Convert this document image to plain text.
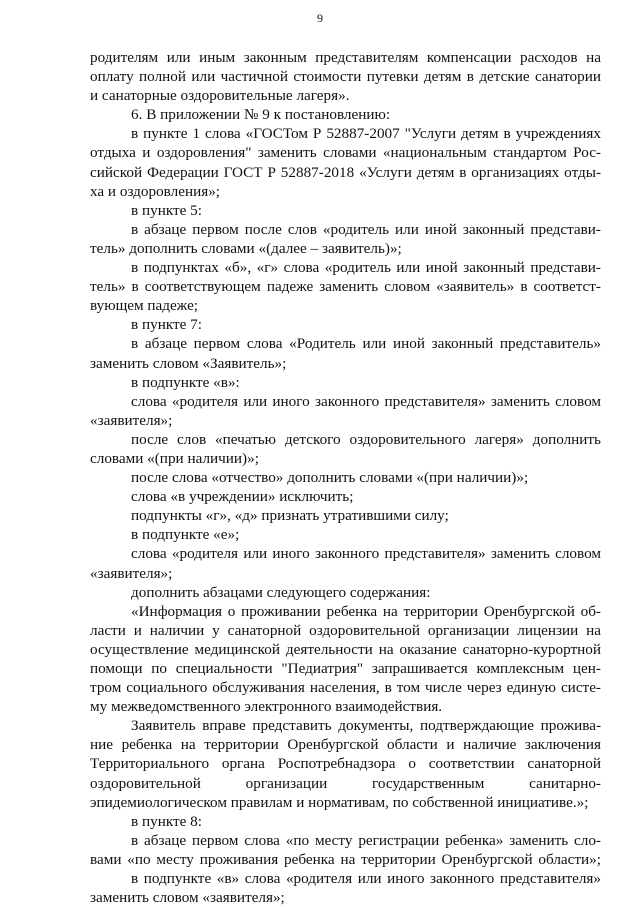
9
родителям или иным законным представителям компенсации расходов на
оплату полной или частичной стоимости путевки детям в детские санатории
и санаторные оздоровительные лагеря».
6. В приложении № 9 к постановлению:
в пункте 1 слова «ГОСТом Р 52887-2007 "Услуги детям в учреждениях
отдыха и оздоровления" заменить словами «национальным стандартом Рос-
сийской Федерации ГОСТ Р 52887-2018 «Услуги детям в организациях отды-
ха и оздоровления»;
в пункте 5:
в абзаце первом после слов «родитель или иной законный представи-
тель» дополнить словами «(далее – заявитель)»;
в подпунктах «б», «г» слова «родитель или иной законный представи-
тель» в соответствующем падеже заменить словом «заявитель» в соответст-
вующем падеже;
в пункте 7:
в абзаце первом слова «Родитель или иной законный представитель»
заменить словом «Заявитель»;
в подпункте «в»:
слова «родителя или иного законного представителя» заменить словом
«заявителя»;
после слов «печатью детского оздоровительного лагеря» дополнить
словами «(при наличии)»;
после слова «отчество» дополнить словами «(при наличии)»;
слова «в учреждении» исключить;
подпункты «г», «д» признать утратившими силу;
в подпункте «е»;
слова «родителя или иного законного представителя» заменить словом
«заявителя»;
дополнить абзацами следующего содержания:
«Информация о проживании ребенка на территории Оренбургской об-
ласти и наличии у санаторной оздоровительной организации лицензии на
осуществление медицинской деятельности на оказание санаторно-курортной
помощи по специальности "Педиатрия" запрашивается комплексным цен-
тром социального обслуживания населения, в том числе через единую систе-
му межведомственного электронного взаимодействия.
Заявитель вправе представить документы, подтверждающие прожива-
ние ребенка на территории Оренбургской области и наличие заключения
Территориального органа Роспотребнадзора о соответствии санаторной
оздоровительной организации государственным санитарно-
эпидемиологическом правилам и нормативам, по собственной инициативе.»;
в пункте 8:
в абзаце первом слова «по месту регистрации ребенка» заменить сло-
вами «по месту проживания ребенка на территории Оренбургской области»;
в подпункте «в» слова «родителя или иного законного представителя»
заменить словом «заявителя»;
